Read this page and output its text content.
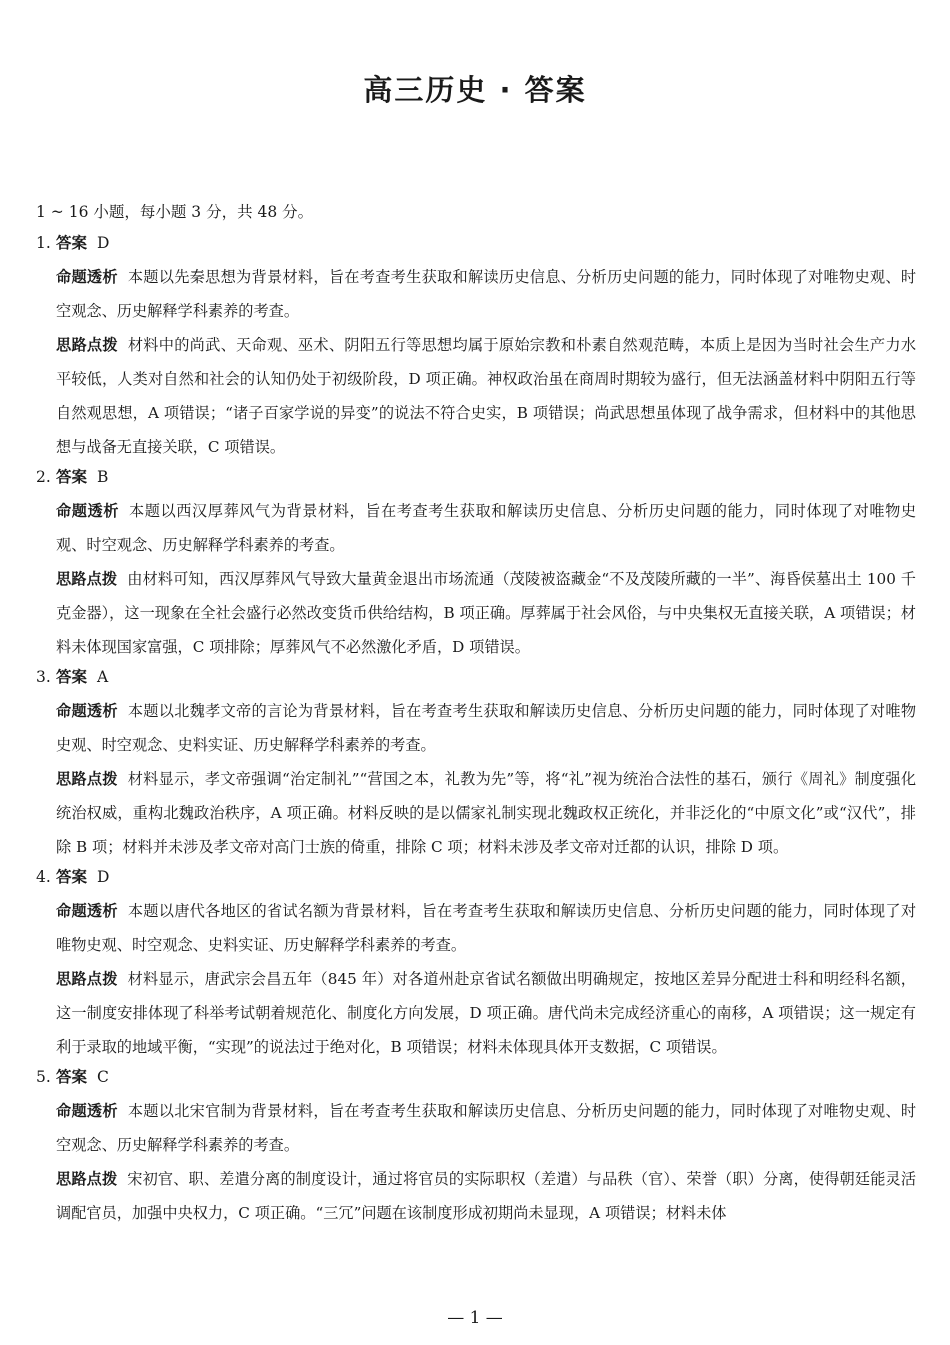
高三历史 · 答案
1 ~ 16 小题，每小题 3 分，共 48 分。
1. 答案 D
命题透析 本题以先秦思想为背景材料，旨在考查考生获取和解读历史信息、分析历史问题的能力，同时体现了对唯物史观、时空观念、历史解释学科素养的考查。
思路点拨 材料中的尚武、天命观、巫术、阴阳五行等思想均属于原始宗教和朴素自然观范畴，本质上是因为当时社会生产力水平较低，人类对自然和社会的认知仍处于初级阶段，D 项正确。神权政治虽在商周时期较为盛行，但无法涵盖材料中阴阳五行等自然观思想，A 项错误；“诸子百家学说的异变”的说法不符合史实，B 项错误；尚武思想虽体现了战争需求，但材料中的其他思想与战备无直接关联，C 项错误。
2. 答案 B
命题透析 本题以西汉厚葬风气为背景材料，旨在考查考生获取和解读历史信息、分析历史问题的能力，同时体现了对唯物史观、时空观念、历史解释学科素养的考查。
思路点拨 由材料可知，西汉厚葬风气导致大量黄金退出市场流通（茂陵被盗藏金“不及茂陵所藏的一半”、海昏侯墓出土 100 千克金器），这一现象在全社会盛行必然改变货币供给结构，B 项正确。厚葬属于社会风俗，与中央集权无直接关联，A 项错误；材料未体现国家富强，C 项排除；厚葬风气不必然激化矛盾，D 项错误。
3. 答案 A
命题透析 本题以北魏孝文帝的言论为背景材料，旨在考查考生获取和解读历史信息、分析历史问题的能力，同时体现了对唯物史观、时空观念、史料实证、历史解释学科素养的考查。
思路点拨 材料显示，孝文帝强调“治定制礼”“营国之本，礼教为先”等，将“礼”视为统治合法性的基石，颁行《周礼》制度强化统治权威，重构北魏政治秩序，A 项正确。材料反映的是以儒家礼制实现北魏政权正统化，并非泛化的“中原文化”或“汉代”，排除 B 项；材料并未涉及孝文帝对高门士族的倚重，排除 C 项；材料未涉及孝文帝对迁都的认识，排除 D 项。
4. 答案 D
命题透析 本题以唐代各地区的省试名额为背景材料，旨在考查考生获取和解读历史信息、分析历史问题的能力，同时体现了对唯物史观、时空观念、史料实证、历史解释学科素养的考查。
思路点拨 材料显示，唐武宗会昌五年（845 年）对各道州赴京省试名额做出明确规定，按地区差异分配进士科和明经科名额，这一制度安排体现了科举考试朝着规范化、制度化方向发展，D 项正确。唐代尚未完成经济重心的南移，A 项错误；这一规定有利于录取的地域平衡，“实现”的说法过于绝对化，B 项错误；材料未体现具体开支数据，C 项错误。
5. 答案 C
命题透析 本题以北宋官制为背景材料，旨在考查考生获取和解读历史信息、分析历史问题的能力，同时体现了对唯物史观、时空观念、历史解释学科素养的考查。
思路点拨 宋初官、职、差遣分离的制度设计，通过将官员的实际职权（差遣）与品秩（官）、荣誉（职）分离，使得朝廷能灵活调配官员，加强中央权力，C 项正确。“三冗”问题在该制度形成初期尚未显现，A 项错误；材料未体
— 1 —
